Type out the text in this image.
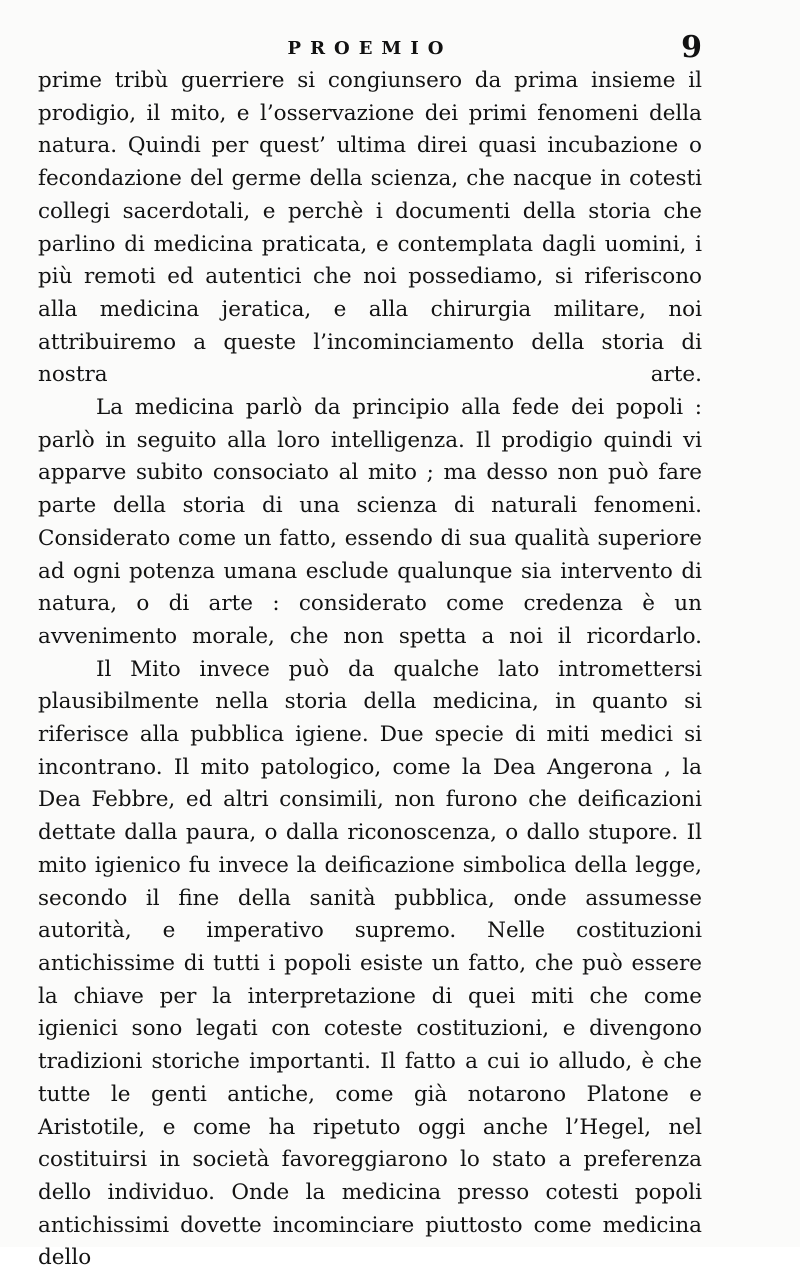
PROEMIO	9

prime tribù guerriere si congiunsero da prima insieme il prodigio, il mito, e l’osservazione dei primi fenomeni della natura. Quindi per quest’ ultima direi quasi incubazione o fecondazione del germe della scienza, che nacque in cotesti collegi sacerdotali, e perchè i documenti della storia che parlino di medicina praticata, e contemplata dagli uomini, i più remoti ed autentici che noi possediamo, si riferiscono alla medicina jeratica, e alla chirurgia militare, noi attribuiremo a queste l’incominciamento della storia di nostra arte.

La medicina parlò da principio alla fede dei popoli : parlò in seguito alla loro intelligenza. Il prodigio quindi vi apparve subito consociato al mito ; ma desso non può fare parte della storia di una scienza di naturali fenomeni. Considerato come un fatto, essendo di sua qualità superiore ad ogni potenza umana esclude qualunque sia intervento di natura, o di arte : considerato come credenza è un avvenimento morale, che non spetta a noi il ricordarlo.

Il Mito invece può da qualche lato intromettersi plausibilmente nella storia della medicina, in quanto si riferisce alla pubblica igiene. Due specie di miti medici si incontrano. Il mito patologico, come la Dea Angerona , la Dea Febbre, ed altri consimili, non furono che deificazioni dettate dalla paura, o dalla riconoscenza, o dallo stupore. Il mito igienico fu invece la deificazione simbolica della legge, secondo il fine della sanità pubblica, onde assumesse autorità, e imperativo supremo. Nelle costituzioni antichissime di tutti i popoli esiste un fatto, che può essere la chiave per la interpretazione di quei miti che come igienici sono legati con coteste costituzioni, e divengono tradizioni storiche importanti. Il fatto a cui io alludo, è che tutte le genti antiche, come già notarono Platone e Aristotile, e come ha ripetuto oggi anche l’Hegel, nel costituirsi in società favoreggiarono lo stato a preferenza dello individuo. Onde la medicina presso cotesti popoli antichissimi dovette incominciare piuttosto come medicina dello
